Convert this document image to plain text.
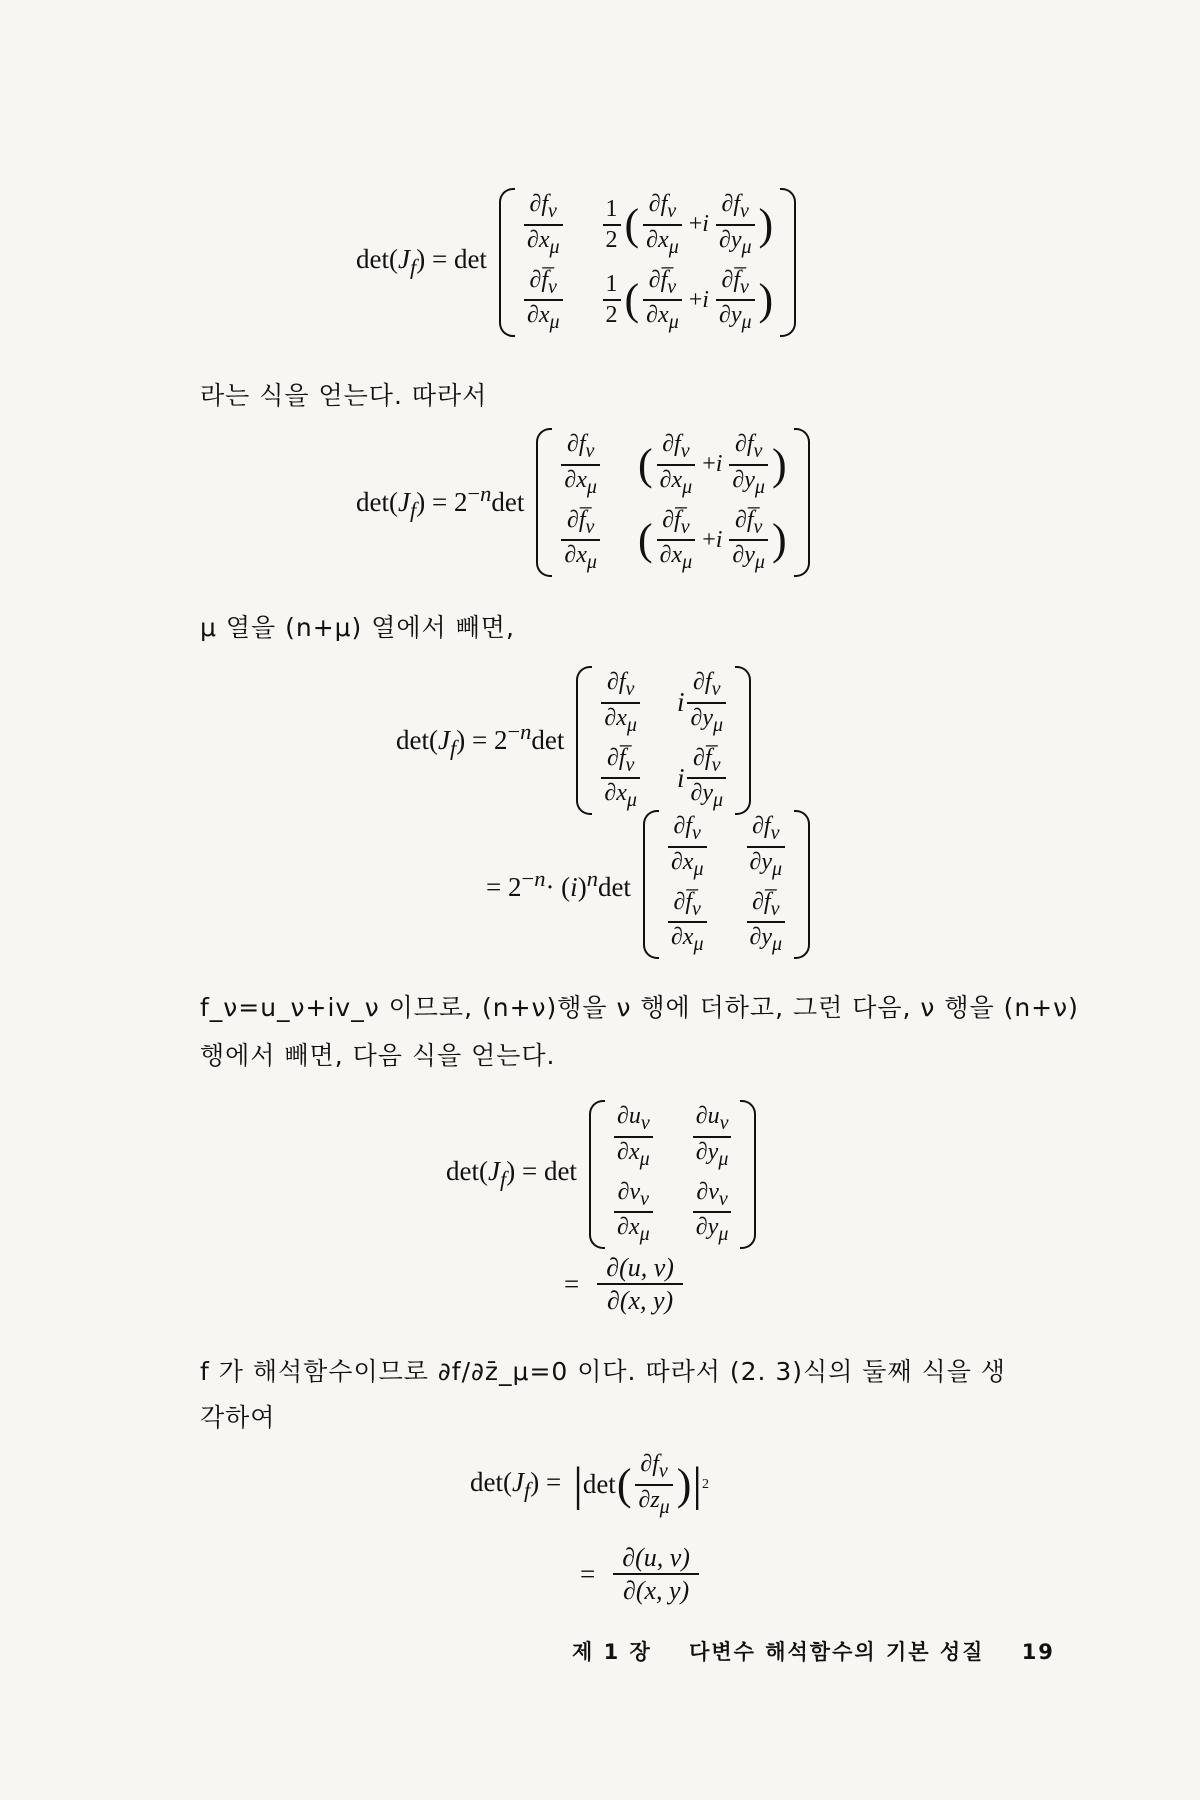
$\det(J_f) = \det$
$\frac{\partial f_\nu}{\partial x_\mu} \frac{1}{2}$ ( $\frac{\partial f_\nu}{\partial x_\mu} +i \frac{\partial f_\nu}{\partial y_\mu}$ )
$\frac{\partial f̅_\nu}{\partial x_\mu} \frac{1}{2}$ ( $\frac{\partial f̅_\nu}{\partial x_\mu} +i \frac{\partial f̅_\nu}{\partial y_\mu}$ )
라는 식을 얻는다. 따라서
$\det(J_f) = 2^{-n}\det$
$\frac{\partial f_\nu}{\partial x_\mu}$ ( $\frac{\partial f_\nu}{\partial x_\mu} +i \frac{\partial f_\nu}{\partial y_\mu}$ )
$\frac{\partial f̅_\nu}{\partial x_\mu}$ ( $\frac{\partial f̅_\nu}{\partial x_\mu} +i \frac{\partial f̅_\nu}{\partial y_\mu}$ )
μ 열을 (n+μ) 열에서 빼면,
$\det(J_f) = 2^{-n}\det$
$\frac{\partial f_\nu}{\partial x_\mu}$ i $\frac{\partial f_\nu}{\partial y_\mu}$
$\frac{\partial f̅_\nu}{\partial x_\mu}$ i $\frac{\partial f̅_\nu}{\partial y_\mu}$
= $2^{-n}\cdot (i)^n\det$
$\frac{\partial f_\nu}{\partial x_\mu} \frac{\partial f_\nu}{\partial y_\mu}$
$\frac{\partial f̅_\nu}{\partial x_\mu} \frac{\partial f̅_\nu}{\partial y_\mu}$
f_ν=u_ν+iv_ν 이므로, (n+ν)행을 ν 행에 더하고, 그런 다음, ν 행을 (n+ν)
행에서 빼면, 다음 식을 얻는다.
$\det(J_f) = \det$
$\frac{\partial u_\nu}{\partial x_\mu} \frac{\partial u_\nu}{\partial y_\mu}$
$\frac{\partial v_\nu}{\partial x_\mu} \frac{\partial v_\nu}{\partial y_\mu}$
= $\frac{\partial(u, v)}{\partial(x, y)}$
f 가 해석함수이므로 ∂f/∂z̄_μ=0 이다. 따라서 (2. 3)식의 둘째 식을 생
각하여
$\det(J_f)$ = | det ( $\frac{\partial f_\nu}{\partial z_\mu}$ ) | 2
= $\frac{\partial(u, v)}{\partial(x, y)}$
제 1 장 다변수 해석함수의 기본 성질 19
